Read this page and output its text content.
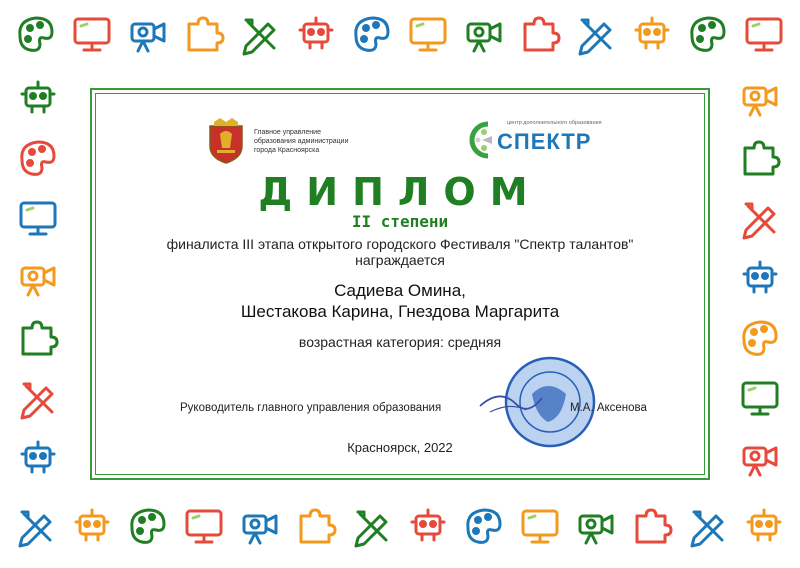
Главное управление
образования администрации
города Красноярска
центр дополнительного образования
СПЕКТР
ДИПЛОМ
II степени
финалиста III этапа открытого городского Фестиваля "Спектр талантов"
награждается
Садиева Омина,
Шестакова Карина, Гнездова Маргарита
возрастная категория: средняя
Руководитель главного управления образования	М.А. Аксенова
Красноярск, 2022
